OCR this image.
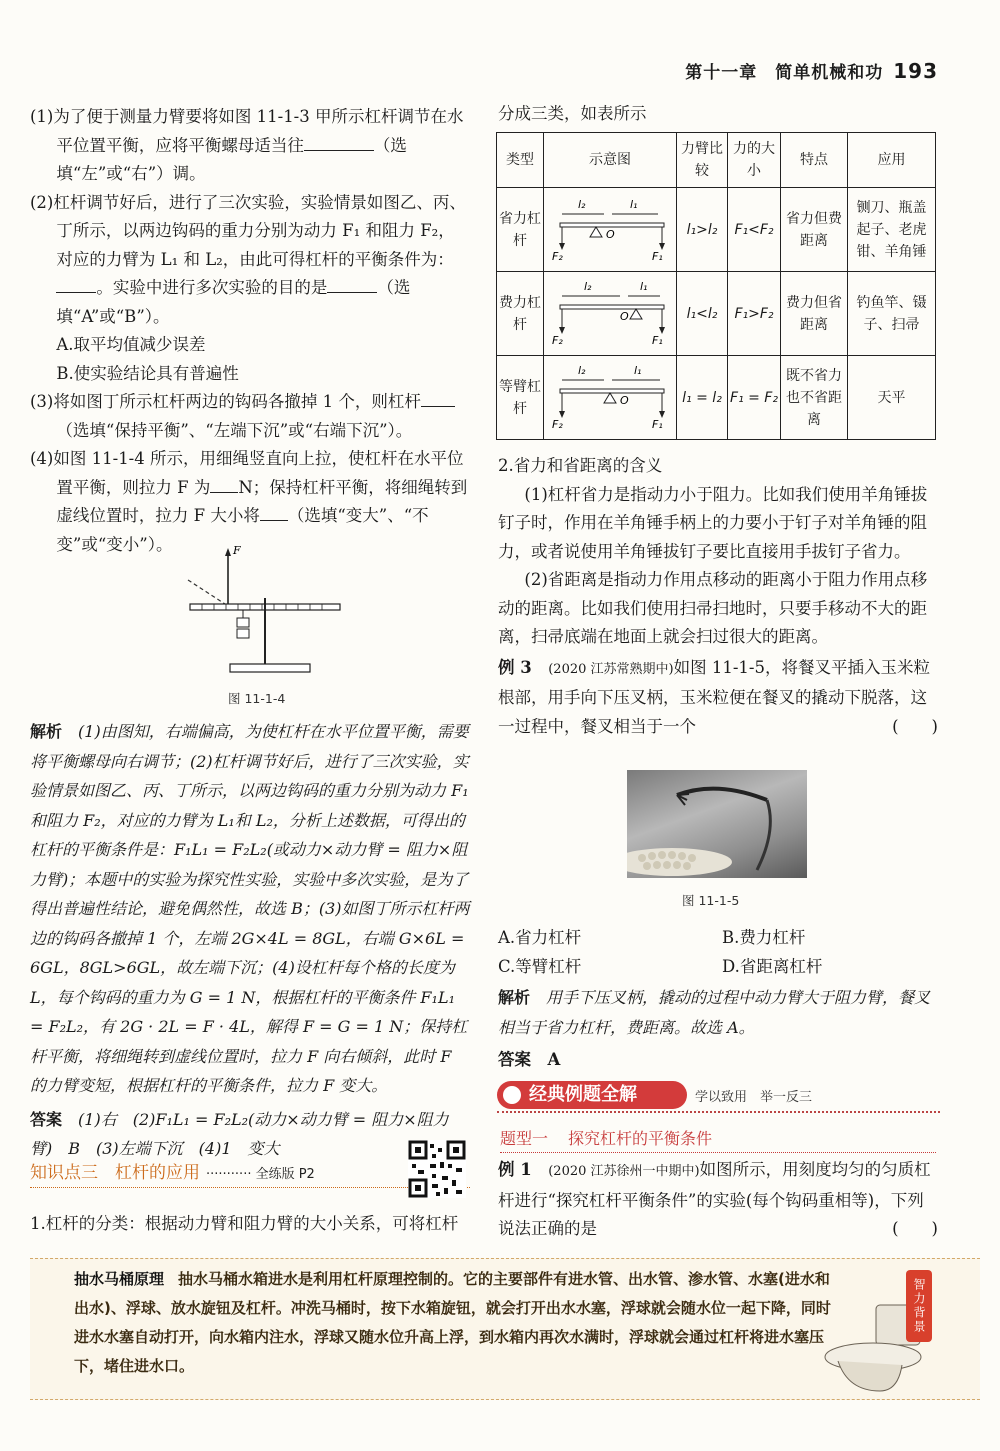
第十一章　简单机械和功 193

(1)为了便于测量力臂要将如图 11-1-3 甲所示杠杆调节在水平位置平衡，应将平衡螺母适当往	（选填“左”或“右”）调。

(2)杠杆调节好后，进行了三次实验，实验情景如图乙、丙、丁所示，以两边钩码的重力分别为动力 F₁ 和阻力 F₂，对应的力臂为 L₁ 和 L₂，由此可得杠杆的平衡条件为：。实验中进行多次实验的目的是	（选填“A”或“B”）。

A.取平均值减少误差

B.使实验结论具有普遍性

(3)将如图丁所示杠杆两边的钩码各撤掉 1 个，则杠杆（选填“保持平衡”、“左端下沉”或“右端下沉”）。

(4)如图 11-1-4 所示，用细绳竖直向上拉，使杠杆在水平位置平衡，则拉力 F 为 N；保持杠杆平衡，将细绳转到虚线位置时，拉力 F 大小将 （选填“变大”、“不变”或“变小”）。	F
图 11-1-4

解析　 (1)由图知，右端偏高，为使杠杆在水平位置平衡，需要将平衡螺母向右调节；(2)杠杆调节好后，进行了三次实验，实验情景如图乙、丙、丁所示，以两边钩码的重力分别为动力 F₁和阻力 F₂，对应的力臂为 L₁和 L₂，分析上述数据，可得出的杠杆的平衡条件是：F₁L₁ = F₂L₂(或动力×动力臂 = 阻力×阻力臂)；本题中的实验为探究性实验，实验中多次实验，是为了得出普遍性结论，避免偶然性，故选 B；(3)如图丁所示杠杆两边的钩码各撤掉 1 个，左端 2G×4L = 8GL，右端 G×6L = 6GL，8GL>6GL，故左端下沉；(4)设杠杆每个格的长度为 L，每个钩码的重力为 G = 1 N，根据杠杆的平衡条件 F₁L₁ = F₂L₂，有 2G · 2L = F · 4L，解得 F = G = 1 N；保持杠杆平衡，将细绳转到虚线位置时，拉力 F 向右倾斜，此时 F 的力臂变短，根据杠杆的平衡条件，拉力 F 变大。

答案　 (1)右　(2)F₁L₁ = F₂L₂(动力×动力臂 = 阻力×阻力臂)　B　(3)左端下沉　(4)1　变大

知识点三　杠杆的应用 ··········· 全练版 P2
1.杠杆的分类：根据动力臂和阻力臂的大小关系，可将杠杆
分成三类，如表所示
类型	示意图	力臂比较	力的大小	特点	应用
省力杠杆	l₂ l₁
O
F₂ F₁	l₁>l₂	F₁<F₂	省力但费距离	铡刀、瓶盖起子、老虎钳、羊角锤
费力杠杆	l₂ l₁
O
F₂ F₁	l₁<l₂	F₁>F₂	费力但省距离	钓鱼竿、镊子、扫帚
等臂杠杆	l₂ l₁
O
F₂ F₁	l₁ = l₂	F₁ = F₂	既不省力也不省距离	天平

2.省力和省距离的含义

(1)杠杆省力是指动力小于阻力。比如我们使用羊角锤拔钉子时，作用在羊角锤手柄上的力要小于钉子对羊角锤的阻力，或者说使用羊角锤拔钉子要比直接用手拔钉子省力。

(2)省距离是指动力作用点移动的距离小于阻力作用点移动的距离。比如我们使用扫帚扫地时，只要手移动不大的距离，扫帚底端在地面上就会扫过很大的距离。

例 3　 (2020 江苏常熟期中)如图 11-1-5，将餐叉平插入玉米粒根部，用手向下压叉柄，玉米粒便在餐叉的撬动下脱落，这一过程中，餐叉相当于一个	(　　)

图 11-1-5

A.省力杠杆	B.费力杠杆

C.等臂杠杆	D.省距离杠杆

解析　 用手下压叉柄，撬动的过程中动力臂大于阻力臂，餐叉相当于省力杠杆，费距离。故选 A。

答案　 A

经典例题全解	学以致用　举一反三
题型一 探究杠杆的平衡条件

例 1　 (2020 江苏徐州一中期中)如图所示，用刻度均匀的匀质杠杆进行“探究杠杆平衡条件”的实验(每个钩码重相等)，下列说法正确的是	(　　)

抽水马桶原理 抽水马桶水箱进水是利用杠杆原理控制的。它的主要部件有进水管、出水管、渗水管、水塞(进水和出水)、浮球、放水旋钮及杠杆。冲洗马桶时，按下水箱旋钮，就会打开出水水塞，浮球就会随水位一起下降，同时进水水塞自动打开，向水箱内注水，浮球又随水位升高上浮，到水箱内再次水满时，浮球就会通过杠杆将进水塞压下，堵住进水口。
智力背景
